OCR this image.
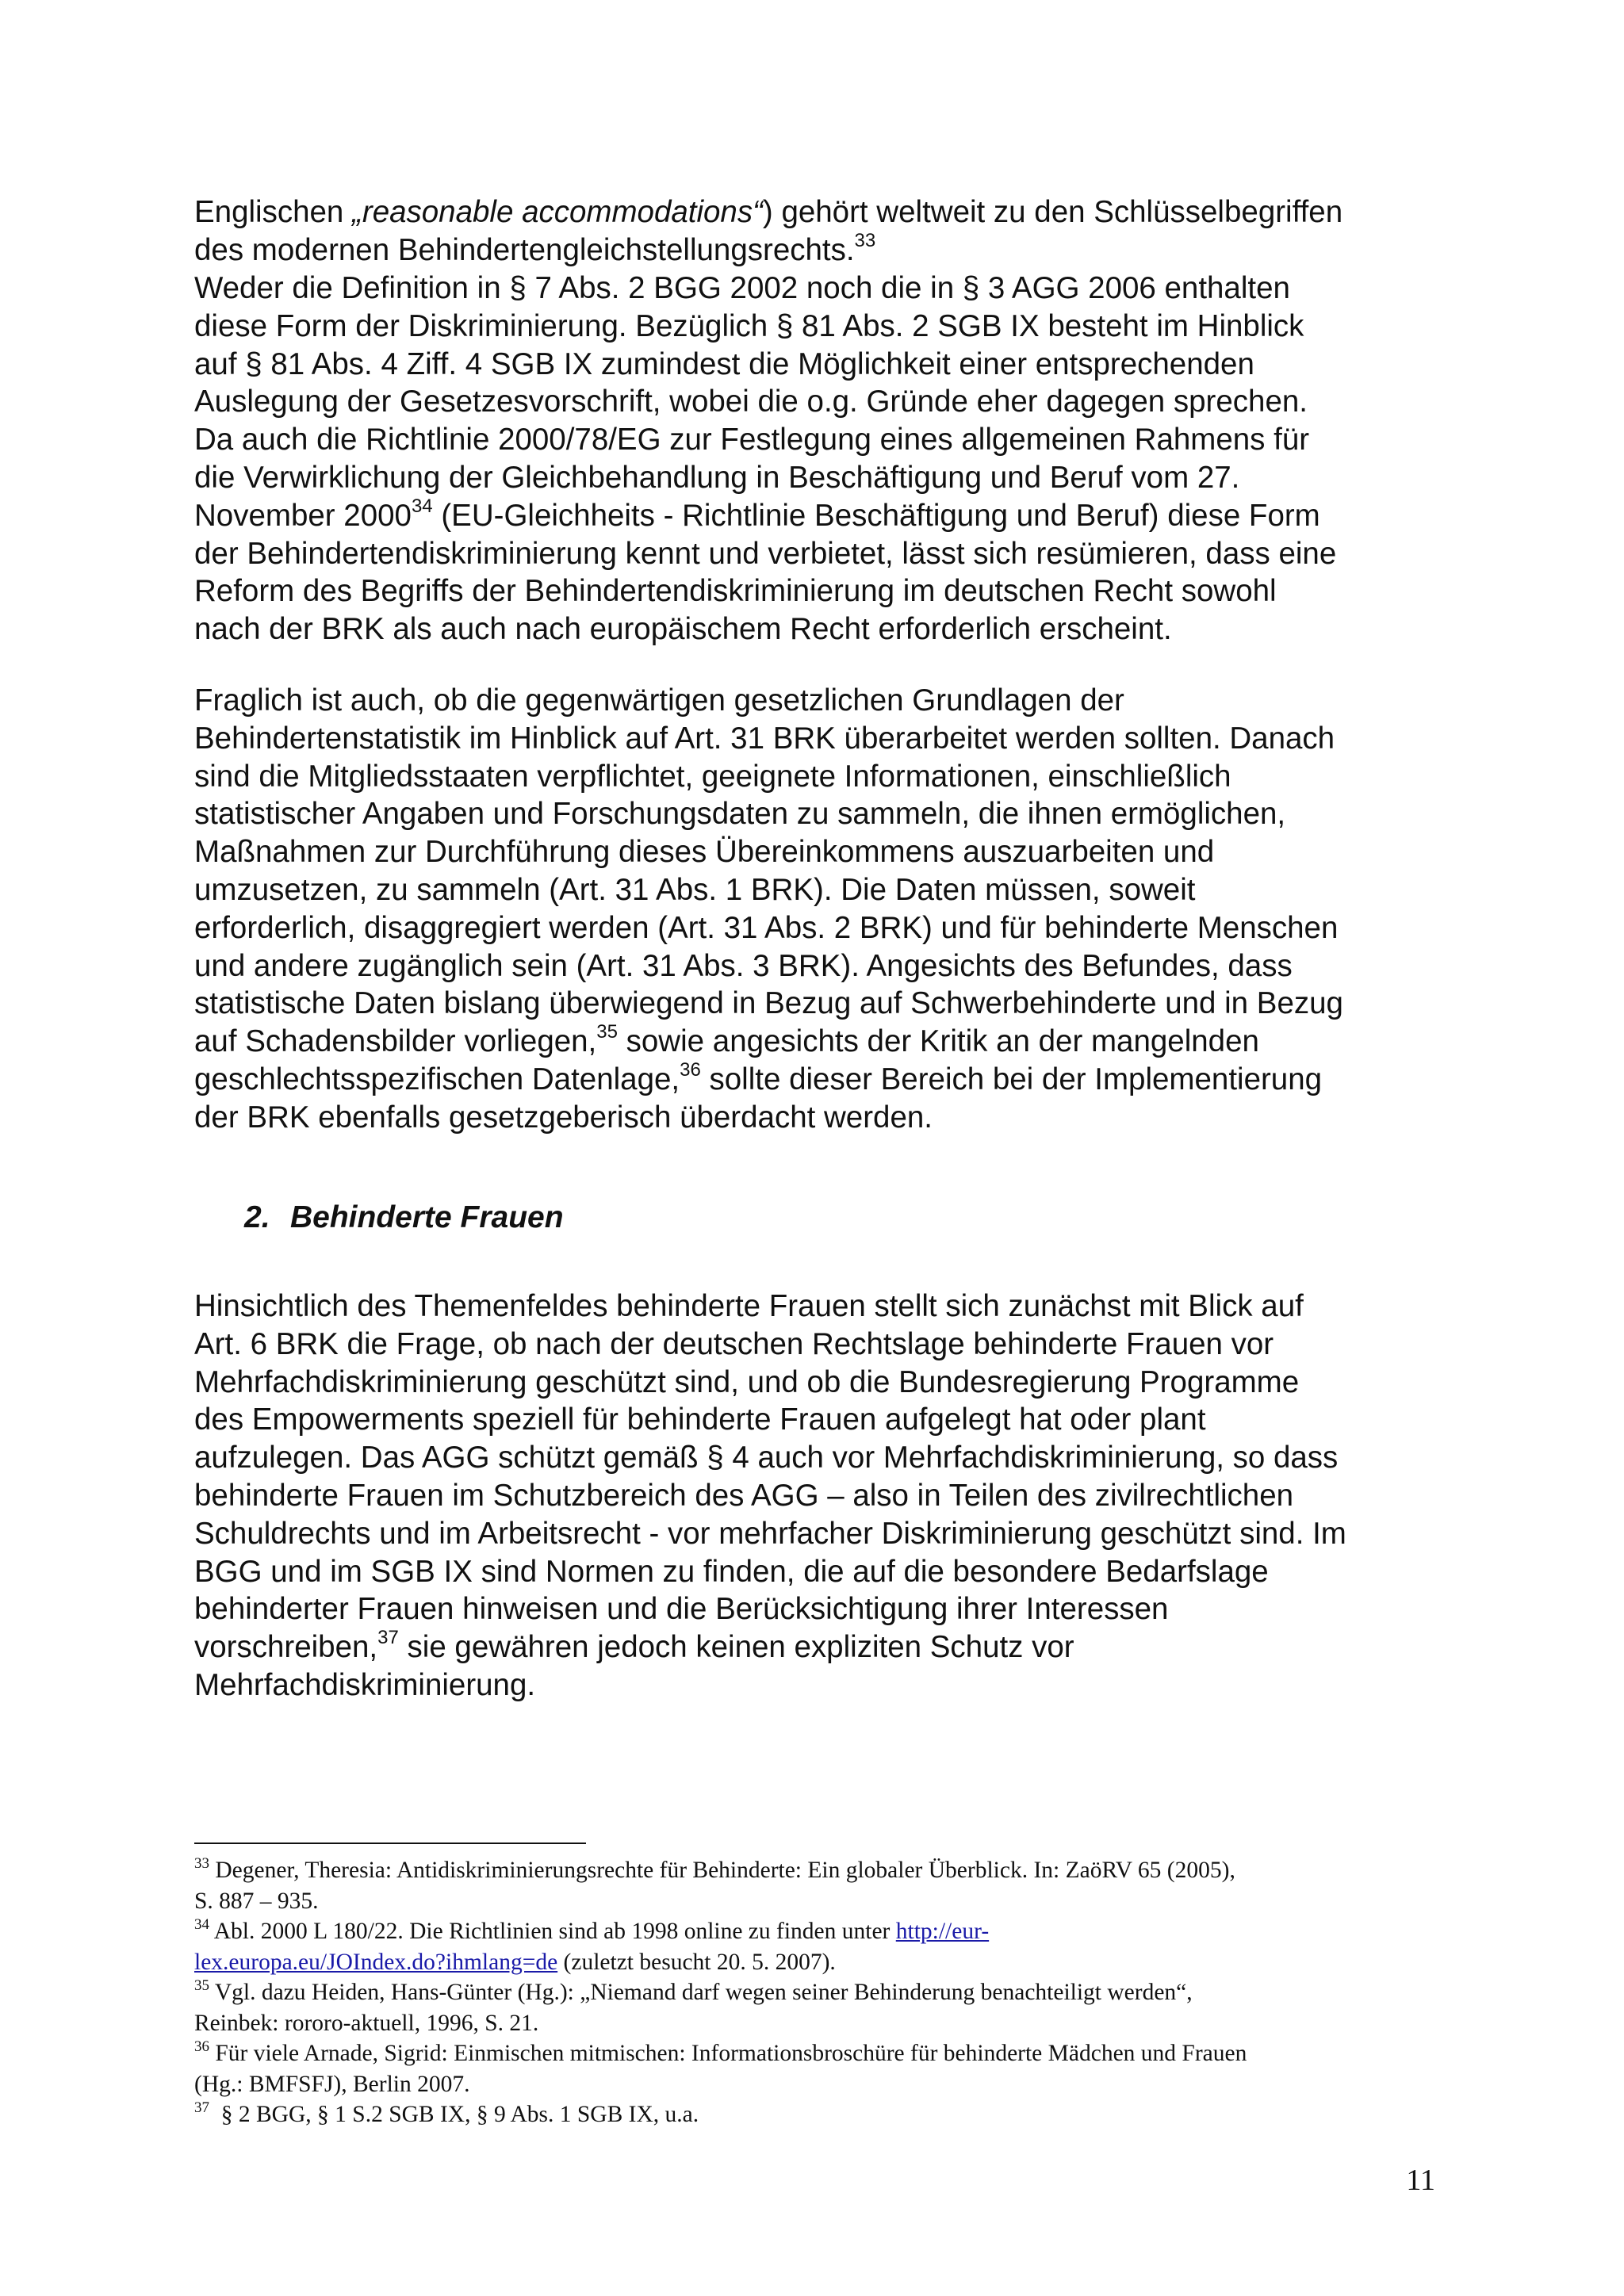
Englischen „reasonable accommodations“) gehört weltweit zu den Schlüsselbegriffen
des modernen Behindertengleichstellungsrechts.$^{33}$
Weder die Definition in § 7 Abs. 2 BGG 2002 noch die in § 3 AGG 2006 enthalten
diese Form der Diskriminierung. Bezüglich § 81 Abs. 2 SGB IX besteht im Hinblick
auf § 81 Abs. 4 Ziff. 4 SGB IX zumindest die Möglichkeit einer entsprechenden
Auslegung der Gesetzesvorschrift, wobei die o.g. Gründe eher dagegen sprechen.
Da auch die Richtlinie 2000/78/EG zur Festlegung eines allgemeinen Rahmens für
die Verwirklichung der Gleichbehandlung in Beschäftigung und Beruf vom 27.
November 2000$^{34}$ (EU-Gleichheits - Richtlinie Beschäftigung und Beruf) diese Form
der Behindertendiskriminierung kennt und verbietet, lässt sich resümieren, dass eine
Reform des Begriffs der Behindertendiskriminierung im deutschen Recht sowohl
nach der BRK als auch nach europäischem Recht erforderlich erscheint.
Fraglich ist auch, ob die gegenwärtigen gesetzlichen Grundlagen der
Behindertenstatistik im Hinblick auf Art. 31 BRK überarbeitet werden sollten. Danach
sind die Mitgliedsstaaten verpflichtet, geeignete Informationen, einschließlich
statistischer Angaben und Forschungsdaten zu sammeln, die ihnen ermöglichen,
Maßnahmen zur Durchführung dieses Übereinkommens auszuarbeiten und
umzusetzen, zu sammeln (Art. 31 Abs. 1 BRK). Die Daten müssen, soweit
erforderlich, disaggregiert werden (Art. 31 Abs. 2 BRK) und für behinderte Menschen
und andere zugänglich sein (Art. 31 Abs. 3 BRK). Angesichts des Befundes, dass
statistische Daten bislang überwiegend in Bezug auf Schwerbehinderte und in Bezug
auf Schadensbilder vorliegen,$^{35}$ sowie angesichts der Kritik an der mangelnden
geschlechtsspezifischen Datenlage,$^{36}$ sollte dieser Bereich bei der Implementierung
der BRK ebenfalls gesetzgeberisch überdacht werden.
2. Behinderte Frauen
Hinsichtlich des Themenfeldes behinderte Frauen stellt sich zunächst mit Blick auf
Art. 6 BRK die Frage, ob nach der deutschen Rechtslage behinderte Frauen vor
Mehrfachdiskriminierung geschützt sind, und ob die Bundesregierung Programme
des Empowerments speziell für behinderte Frauen aufgelegt hat oder plant
aufzulegen. Das AGG schützt gemäß § 4 auch vor Mehrfachdiskriminierung, so dass
behinderte Frauen im Schutzbereich des AGG – also in Teilen des zivilrechtlichen
Schuldrechts und im Arbeitsrecht - vor mehrfacher Diskriminierung geschützt sind. Im
BGG und im SGB IX sind Normen zu finden, die auf die besondere Bedarfslage
behinderter Frauen hinweisen und die Berücksichtigung ihrer Interessen
vorschreiben,$^{37}$ sie gewähren jedoch keinen expliziten Schutz vor
Mehrfachdiskriminierung.
$^{33}$ Degener, Theresia: Antidiskriminierungsrechte für Behinderte: Ein globaler Überblick. In: ZaöRV 65 (2005),
S. 887 – 935.
$^{34}$ Abl. 2000 L 180/22. Die Richtlinien sind ab 1998 online zu finden unter http://eur-
lex.europa.eu/JOIndex.do?ihmlang=de (zuletzt besucht 20. 5. 2007).
$^{35}$ Vgl. dazu Heiden, Hans-Günter (Hg.): „Niemand darf wegen seiner Behinderung benachteiligt werden“,
Reinbek: rororo-aktuell, 1996, S. 21.
$^{36}$ Für viele Arnade, Sigrid: Einmischen mitmischen: Informationsbroschüre für behinderte Mädchen und Frauen
(Hg.: BMFSFJ), Berlin 2007.
$^{37}$  § 2 BGG, § 1 S.2 SGB IX, § 9 Abs. 1 SGB IX, u.a.
11
